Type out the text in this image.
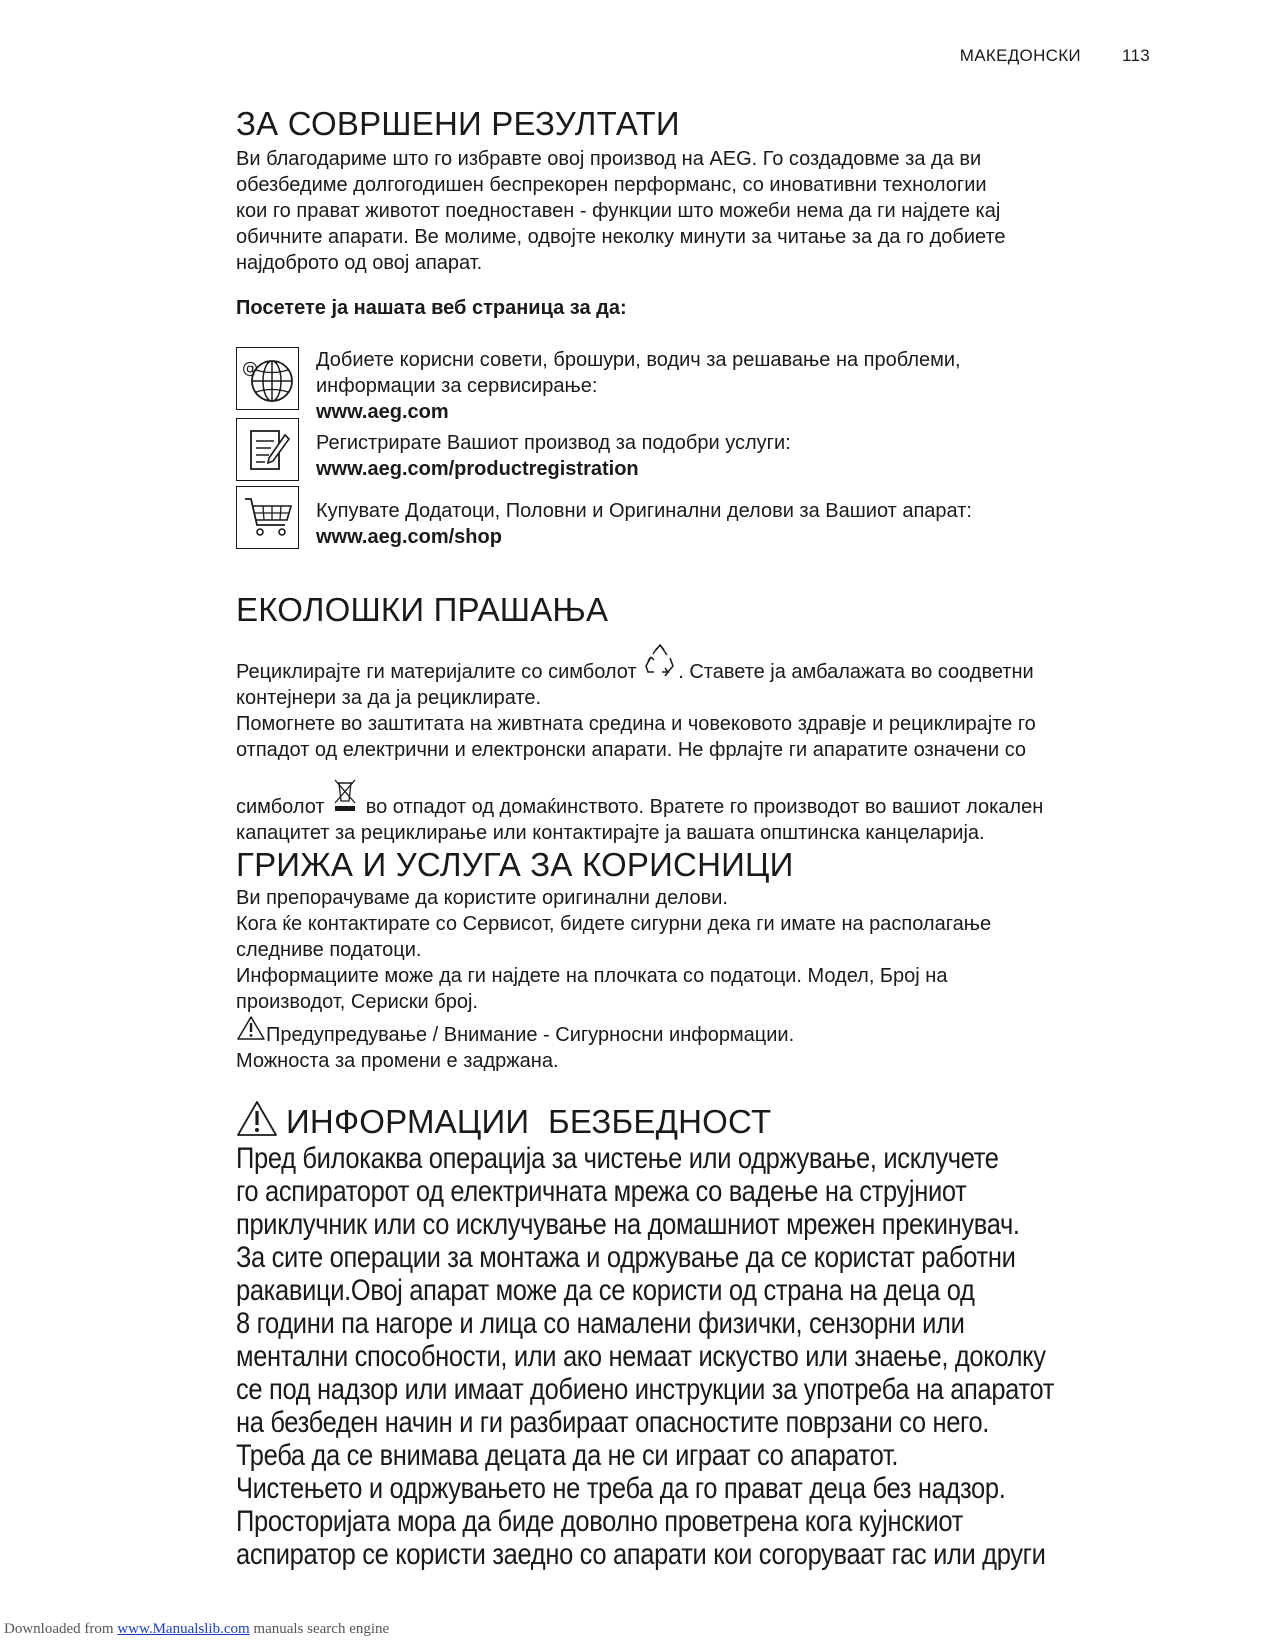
МАКЕДОНСКИ 113
ЗА СОВРШЕНИ РЕЗУЛТАТИ

Ви благодариме што го избравте овој производ на AEG. Го создадовме за да ви

обезбедиме долгогодишен беспрекорен перформанс, со иновативни технологии

кои го прават животот поедноставен - функции што можеби нема да ги најдете кај

обичните апарати. Ве молиме, одвојте неколку минути за читање за да го добиете

најдоброто од овој апарат.

Посетете ја нашата веб страница за да:
@	Добиете корисни совети, брошури, водич за решавање на проблеми,
информации за сервисирање:
www.aeg.com
Регистрирате Вашиот производ за подобри услуги:
www.aeg.com/productregistration
Купувате Додатоци, Половни и Оригинални делови за Вашиот апарат:
www.aeg.com/shop
ЕКОЛОШКИ ПРАШАЊА

Рециклирајте ги материјалите со симболот . Ставете ја амбалажата во соодветни

контејнери за да ја рециклирате.

Помогнете во заштитата на живтната средина и човековото здравје и рециклирајте го

отпадот од електрични и електронски апарати. Не фрлајте ги апаратите означени со

симболот во отпадот од домаќинството. Вратете го производот во вашиот локален

капацитет за рециклирање или контактирајте ја вашата општинска канцеларија.

ГРИЖА И УСЛУГА ЗА КОРИСНИЦИ

Ви препорачуваме да користите оригинални делови.

Кога ќе контактирате со Сервисот, бидете сигурни дека ги имате на располагање

следниве податоци.

Информациите може да ги најдете на плочката со податоци. Модел, Број на

производот, Сериски број.

Предупредување / Внимание - Сигурносни информации.

Можноста за промени е задржана.

ИНФОРМАЦИИ  БЕЗБЕДНОСТ
Пред билокаква операција за чистење или одржување, исклучете
го аспираторот од електричната мрежа со вадење на струјниот
приклучник или со исклучување на домашниот мрежен прекинувач.
За сите операции за монтажа и одржување да се користат работни
ракавици.Овој апарат може да се користи од страна на деца од
8 години па нагоре и лица со намалени физички, сензорни или
ментални способности, или ако немаат искуство или знаење, доколку
се под надзор или имаат добиено инструкции за употреба на апаратот
на безбеден начин и ги разбираат опасностите поврзани со него.
Треба да се внимава децата да не си играат со апаратот.
Чистењето и одржувањето не треба да го прават деца без надзор.
Просторијата мора да биде доволно проветрена кога кујнскиот
аспиратор се користи заедно со апарати кои согоруваат гас или други
Downloaded from www.Manualslib.com manuals search engine
